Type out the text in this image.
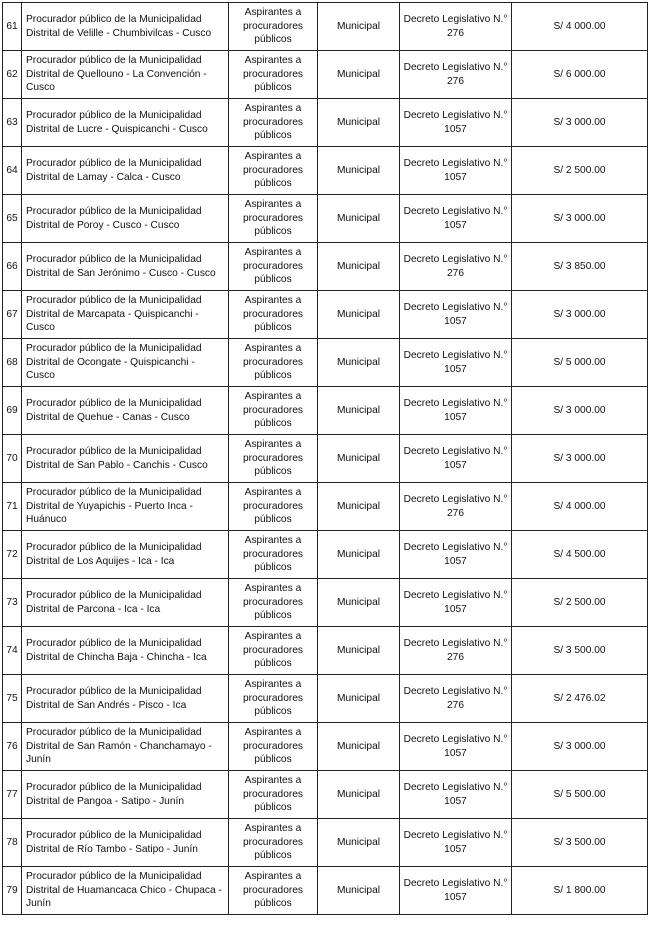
61	Procurador público de la Municipalidad Distrital de Velille - Chumbivilcas - Cusco	Aspirantes a procuradores públicos	Municipal	Decreto Legislativo N.° 276	S/ 4 000.00
62	Procurador público de la Municipalidad Distrital de Quellouno - La Convención - Cusco	Aspirantes a procuradores públicos	Municipal	Decreto Legislativo N.° 276	S/ 6 000.00
63	Procurador público de la Municipalidad Distrital de Lucre - Quispicanchi - Cusco	Aspirantes a procuradores públicos	Municipal	Decreto Legislativo N.° 1057	S/ 3 000.00
64	Procurador público de la Municipalidad Distrital de Lamay - Calca - Cusco	Aspirantes a procuradores públicos	Municipal	Decreto Legislativo N.° 1057	S/ 2 500.00
65	Procurador público de la Municipalidad Distrital de Poroy - Cusco - Cusco	Aspirantes a procuradores públicos	Municipal	Decreto Legislativo N.° 1057	S/ 3 000.00
66	Procurador público de la Municipalidad Distrital de San Jerónimo - Cusco - Cusco	Aspirantes a procuradores públicos	Municipal	Decreto Legislativo N.° 276	S/ 3 850.00
67	Procurador público de la Municipalidad Distrital de Marcapata - Quispicanchi - Cusco	Aspirantes a procuradores públicos	Municipal	Decreto Legislativo N.° 1057	S/ 3 000.00
68	Procurador público de la Municipalidad Distrital de Ocongate - Quispicanchi - Cusco	Aspirantes a procuradores públicos	Municipal	Decreto Legislativo N.° 1057	S/ 5 000.00
69	Procurador público de la Municipalidad Distrital de Quehue - Canas - Cusco	Aspirantes a procuradores públicos	Municipal	Decreto Legislativo N.° 1057	S/ 3 000.00
70	Procurador público de la Municipalidad Distrital de San Pablo - Canchis - Cusco	Aspirantes a procuradores públicos	Municipal	Decreto Legislativo N.° 1057	S/ 3 000.00
71	Procurador público de la Municipalidad Distrital de Yuyapichis - Puerto Inca - Huánuco	Aspirantes a procuradores públicos	Municipal	Decreto Legislativo N.° 276	S/ 4 000.00
72	Procurador público de la Municipalidad Distrital de Los Aquijes - Ica - Ica	Aspirantes a procuradores públicos	Municipal	Decreto Legislativo N.° 1057	S/ 4 500.00
73	Procurador público de la Municipalidad Distrital de Parcona - Ica - Ica	Aspirantes a procuradores públicos	Municipal	Decreto Legislativo N.° 1057	S/ 2 500.00
74	Procurador público de la Municipalidad Distrital de Chincha Baja - Chincha - Ica	Aspirantes a procuradores públicos	Municipal	Decreto Legislativo N.° 276	S/ 3 500.00
75	Procurador público de la Municipalidad Distrital de San Andrés - Pisco - Ica	Aspirantes a procuradores públicos	Municipal	Decreto Legislativo N.° 276	S/ 2 476.02
76	Procurador público de la Municipalidad Distrital de San Ramón - Chanchamayo - Junín	Aspirantes a procuradores públicos	Municipal	Decreto Legislativo N.° 1057	S/ 3 000.00
77	Procurador público de la Municipalidad Distrital de Pangoa - Satipo - Junín	Aspirantes a procuradores públicos	Municipal	Decreto Legislativo N.° 1057	S/ 5 500.00
78	Procurador público de la Municipalidad Distrital de Río Tambo - Satipo - Junín	Aspirantes a procuradores públicos	Municipal	Decreto Legislativo N.° 1057	S/ 3 500.00
79	Procurador público de la Municipalidad Distrital de Huamancaca Chico - Chupaca - Junín	Aspirantes a procuradores públicos	Municipal	Decreto Legislativo N.° 1057	S/ 1 800.00
